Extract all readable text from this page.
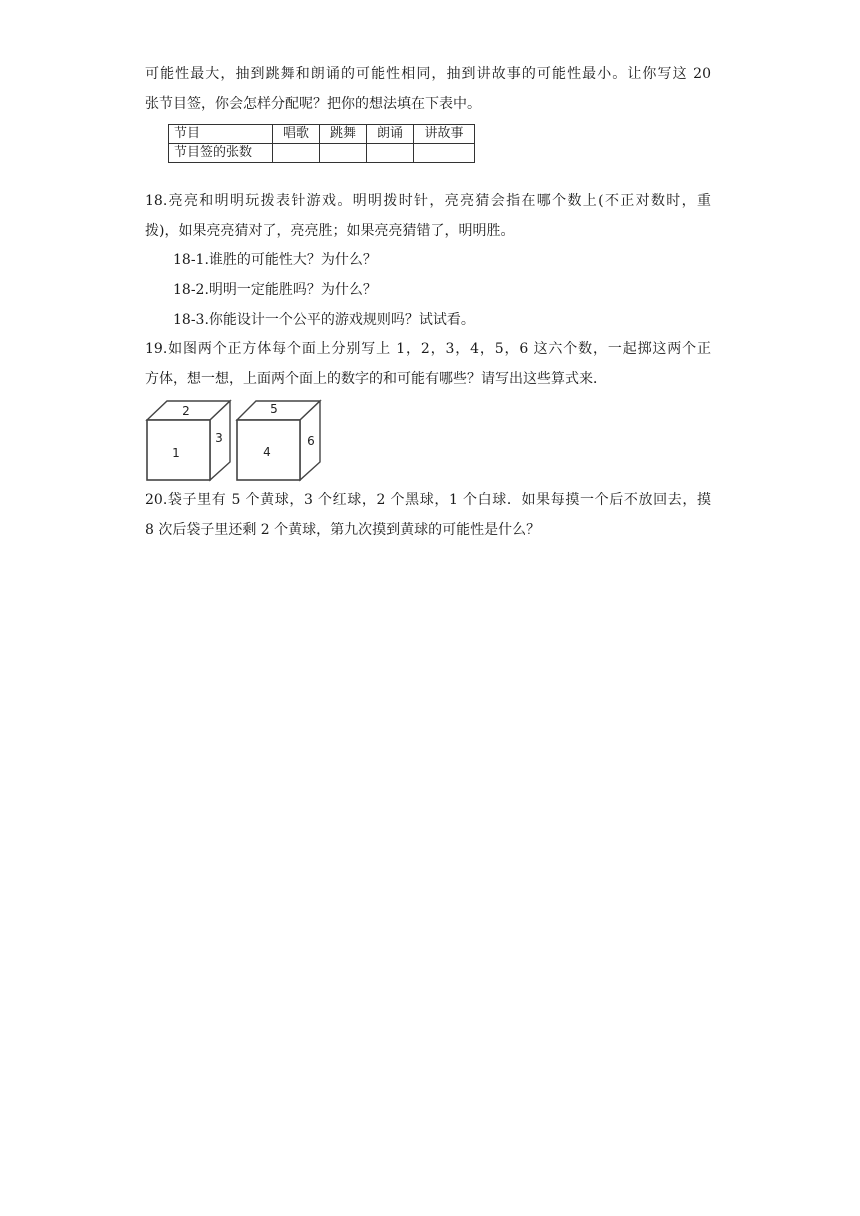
可能性最大，抽到跳舞和朗诵的可能性相同，抽到讲故事的可能性最小。让你写这 20
张节目签，你会怎样分配呢？把你的想法填在下表中。
节目	唱歌	跳舞	朗诵	讲故事
节目签的张数				
18.亮亮和明明玩拨表针游戏。明明拨时针，亮亮猜会指在哪个数上(不正对数时，重
拨)，如果亮亮猜对了，亮亮胜；如果亮亮猜错了，明明胜。
18-1.谁胜的可能性大？为什么？
18-2.明明一定能胜吗？为什么？
18-3.你能设计一个公平的游戏规则吗？试试看。
19.如图两个正方体每个面上分别写上 1，2，3，4，5，6 这六个数，一起掷这两个正
方体，想一想，上面两个面上的数字的和可能有哪些？请写出这些算式来．
2
3
1
5
6
4
20.袋子里有 5 个黄球，3 个红球，2 个黑球，1 个白球．如果每摸一个后不放回去，摸
8 次后袋子里还剩 2 个黄球，第九次摸到黄球的可能性是什么？
